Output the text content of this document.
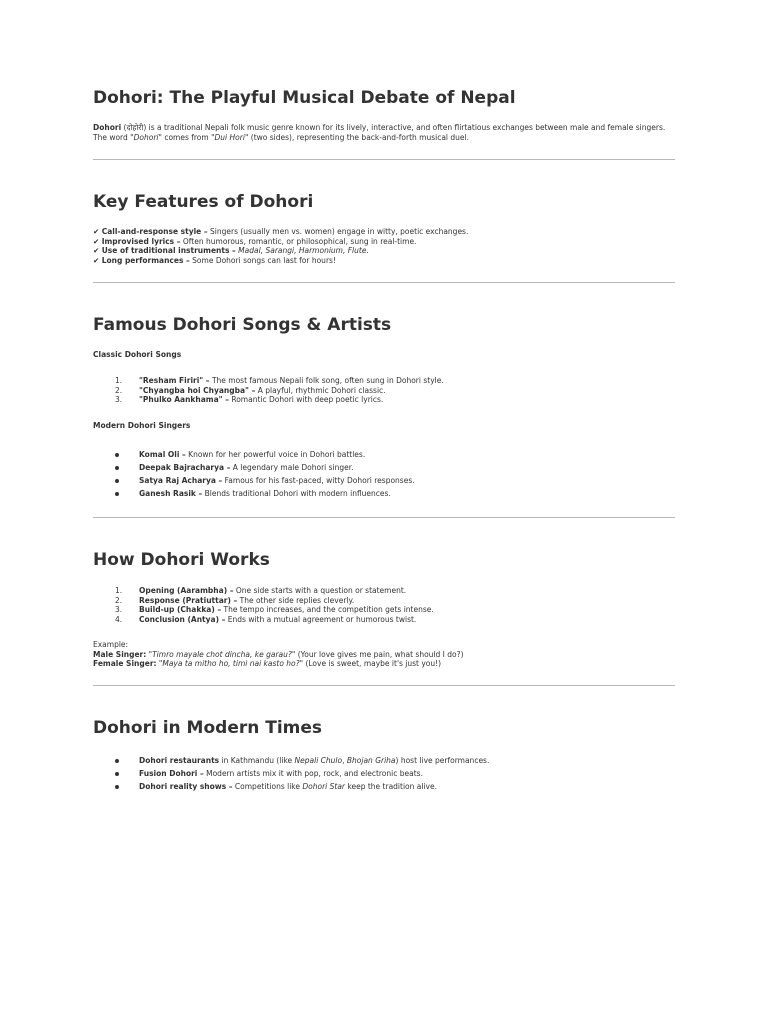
Dohori: The Playful Musical Debate of Nepal
Dohori (दोहोरी) is a traditional Nepali folk music genre known for its lively, interactive, and often flirtatious exchanges between male and female singers. The word "Dohori" comes from "Dui Hori" (two sides), representing the back-and-forth musical duel.
Key Features of Dohori
✔ Call-and-response style – Singers (usually men vs. women) engage in witty, poetic exchanges.
✔ Improvised lyrics – Often humorous, romantic, or philosophical, sung in real-time.
✔ Use of traditional instruments – Madal, Sarangi, Harmonium, Flute.
✔ Long performances – Some Dohori songs can last for hours!
Famous Dohori Songs & Artists
Classic Dohori Songs
1.	"Resham Firiri" – The most famous Nepali folk song, often sung in Dohori style.
2.	"Chyangba hoi Chyangba" – A playful, rhythmic Dohori classic.
3.	"Phulko Aankhama" – Romantic Dohori with deep poetic lyrics.
Modern Dohori Singers
Komal Oli – Known for her powerful voice in Dohori battles.
Deepak Bajracharya – A legendary male Dohori singer.
Satya Raj Acharya – Famous for his fast-paced, witty Dohori responses.
Ganesh Rasik – Blends traditional Dohori with modern influences.
How Dohori Works
1.	Opening (Aarambha) – One side starts with a question or statement.
2.	Response (Pratiuttar) – The other side replies cleverly.
3.	Build-up (Chakka) – The tempo increases, and the competition gets intense.
4.	Conclusion (Antya) – Ends with a mutual agreement or humorous twist.
Example:
Male Singer: "Timro mayale chot dincha, ke garau?" (Your love gives me pain, what should I do?)
Female Singer: "Maya ta mitho ho, timi nai kasto ho?" (Love is sweet, maybe it's just you!)
Dohori in Modern Times
Dohori restaurants in Kathmandu (like Nepali Chulo, Bhojan Griha) host live performances.
Fusion Dohori – Modern artists mix it with pop, rock, and electronic beats.
Dohori reality shows – Competitions like Dohori Star keep the tradition alive.
